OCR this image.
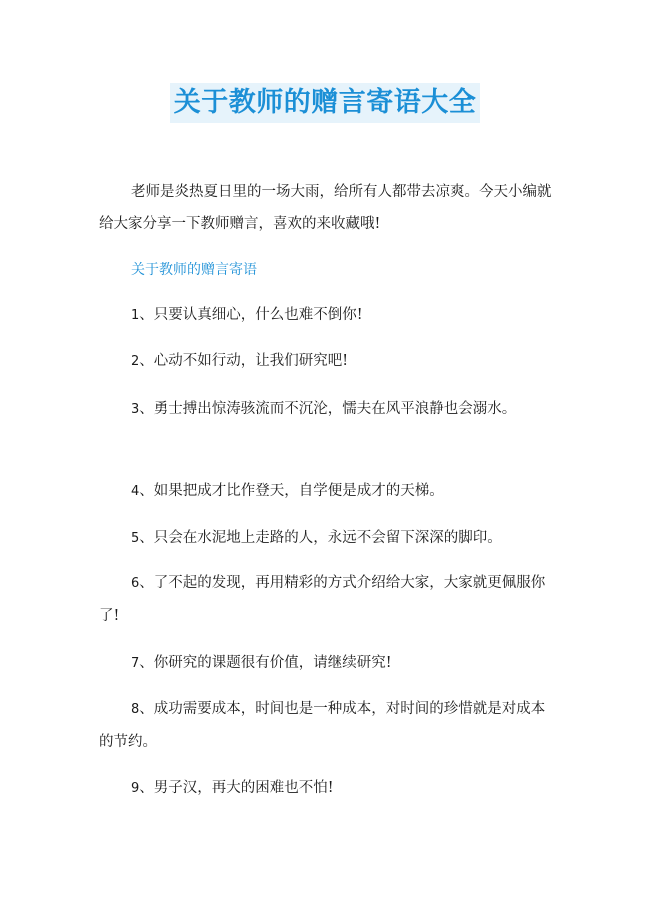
关于教师的赠言寄语大全

老师是炎热夏日里的一场大雨，给所有人都带去凉爽。今天小编就给大家分享一下教师赠言，喜欢的来收藏哦!

关于教师的赠言寄语

1、只要认真细心，什么也难不倒你!

2、心动不如行动，让我们研究吧!

3、勇士搏出惊涛骇流而不沉沦，懦夫在风平浪静也会溺水。

4、如果把成才比作登天，自学便是成才的天梯。

5、只会在水泥地上走路的人，永远不会留下深深的脚印。

6、了不起的发现，再用精彩的方式介绍给大家，大家就更佩服你了!

7、你研究的课题很有价值，请继续研究!

8、成功需要成本，时间也是一种成本，对时间的珍惜就是对成本的节约。

9、男子汉，再大的困难也不怕!
